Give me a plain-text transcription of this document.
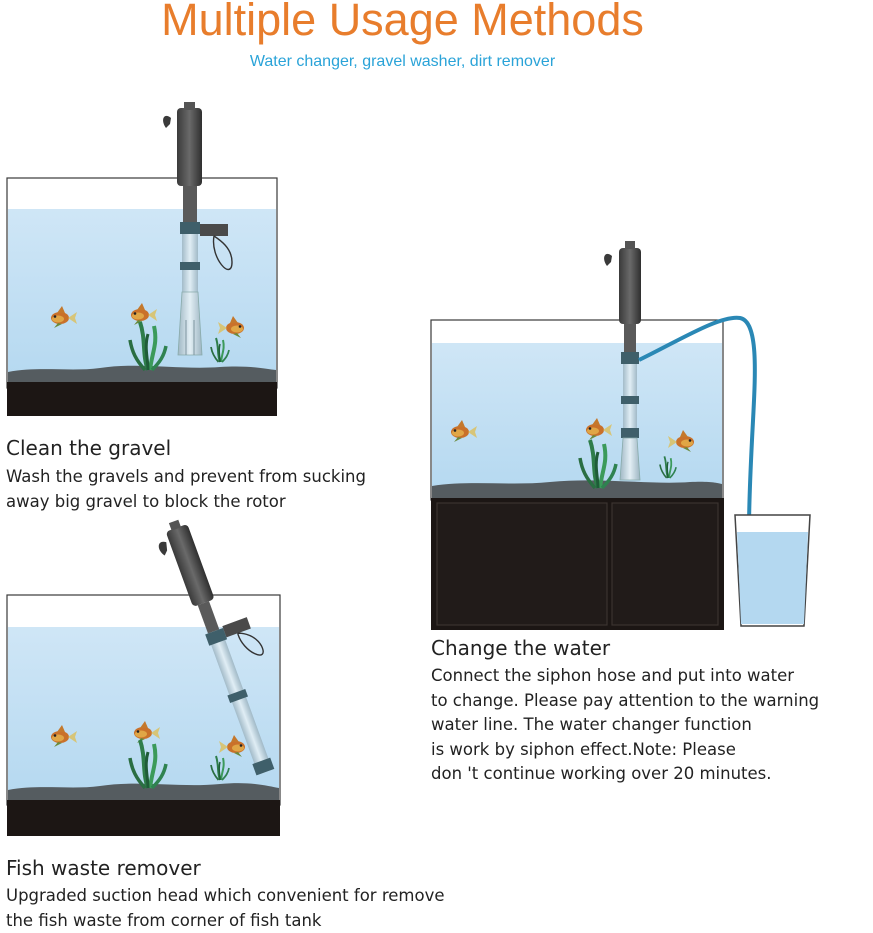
Multiple Usage Methods
Water changer, gravel washer, dirt remover
Clean the gravel
Wash the gravels and prevent from sucking
away big gravel to block the rotor
Change the water
Connect the siphon hose and put into water
to change. Please pay attention to the warning
water line. The water changer function
is work by siphon effect.Note: Please
don 't continue working over 20 minutes.
Fish waste remover
Upgraded suction head which convenient for remove
the fish waste from corner of fish tank
